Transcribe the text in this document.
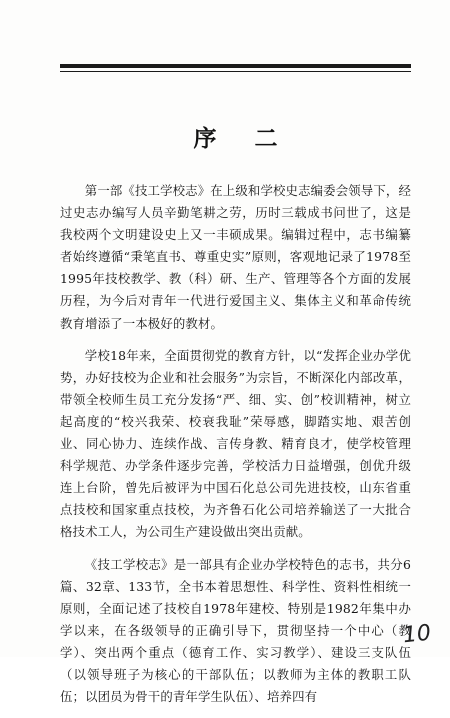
序二

第一部《技工学校志》在上级和学校史志编委会领导下，经过史志办编写人员辛勤笔耕之劳，历时三载成书问世了，这是我校两个文明建设史上又一丰硕成果。编辑过程中，志书编纂者始终遵循“秉笔直书、尊重史实”原则，客观地记录了1978至1995年技校教学、教（科）研、生产、管理等各个方面的发展历程，为今后对青年一代进行爱国主义、集体主义和革命传统教育增添了一本极好的教材。

学校18年来，全面贯彻党的教育方针，以“发挥企业办学优势，办好技校为企业和社会服务”为宗旨，不断深化内部改革，带领全校师生员工充分发扬“严、细、实、创”校训精神，树立起高度的“校兴我荣、校衰我耻”荣辱感，脚踏实地、艰苦创业、同心协力、连续作战、言传身教、精育良才，使学校管理科学规范、办学条件逐步完善，学校活力日益增强，创优升级连上台阶，曾先后被评为中国石化总公司先进技校，山东省重点技校和国家重点技校，为齐鲁石化公司培养输送了一大批合格技术工人，为公司生产建设做出突出贡献。

《技工学校志》是一部具有企业办学校特色的志书，共分6篇、32章、133节，全书本着思想性、科学性、资料性相统一原则，全面记述了技校自1978年建校、特别是1982年集中办学以来，在各级领导的正确引导下，贯彻坚持一个中心（教学）、突出两个重点（德育工作、实习教学）、建设三支队伍（以领导班子为核心的干部队伍；以教师为主体的教职工队伍；以团员为骨干的青年学生队伍）、培养四有

10
